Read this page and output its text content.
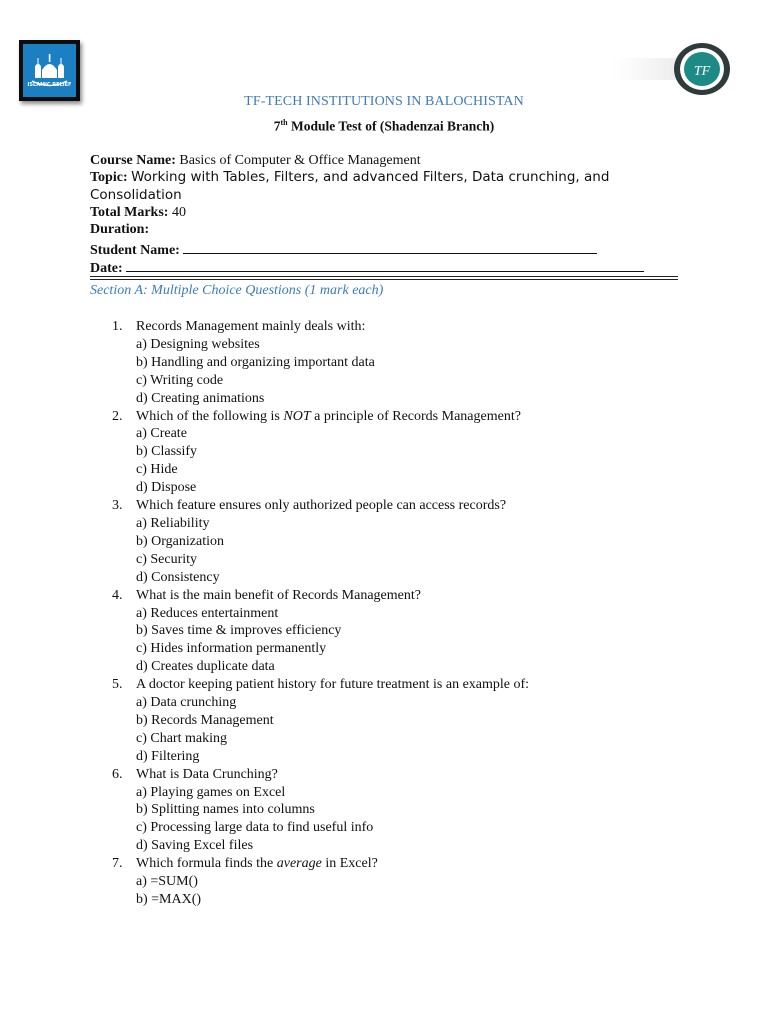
ISLAMIC RELIEF
TF
TF-TECH INSTITUTIONS IN BALOCHISTAN
7th Module Test of (Shadenzai Branch)
Course Name: Basics of Computer & Office Management
Topic: Working with Tables, Filters, and advanced Filters, Data crunching, and Consolidation
Total Marks: 40
Duration:
Student Name:
Date:
Section A: Multiple Choice Questions (1 mark each)
1. Records Management mainly deals with:
a) Designing websites
b) Handling and organizing important data
c) Writing code
d) Creating animations
2. Which of the following is NOT a principle of Records Management?
a) Create
b) Classify
c) Hide
d) Dispose
3. Which feature ensures only authorized people can access records?
a) Reliability
b) Organization
c) Security
d) Consistency
4. What is the main benefit of Records Management?
a) Reduces entertainment
b) Saves time & improves efficiency
c) Hides information permanently
d) Creates duplicate data
5. A doctor keeping patient history for future treatment is an example of:
a) Data crunching
b) Records Management
c) Chart making
d) Filtering
6. What is Data Crunching?
a) Playing games on Excel
b) Splitting names into columns
c) Processing large data to find useful info
d) Saving Excel files
7. Which formula finds the average in Excel?
a) =SUM()
b) =MAX()
